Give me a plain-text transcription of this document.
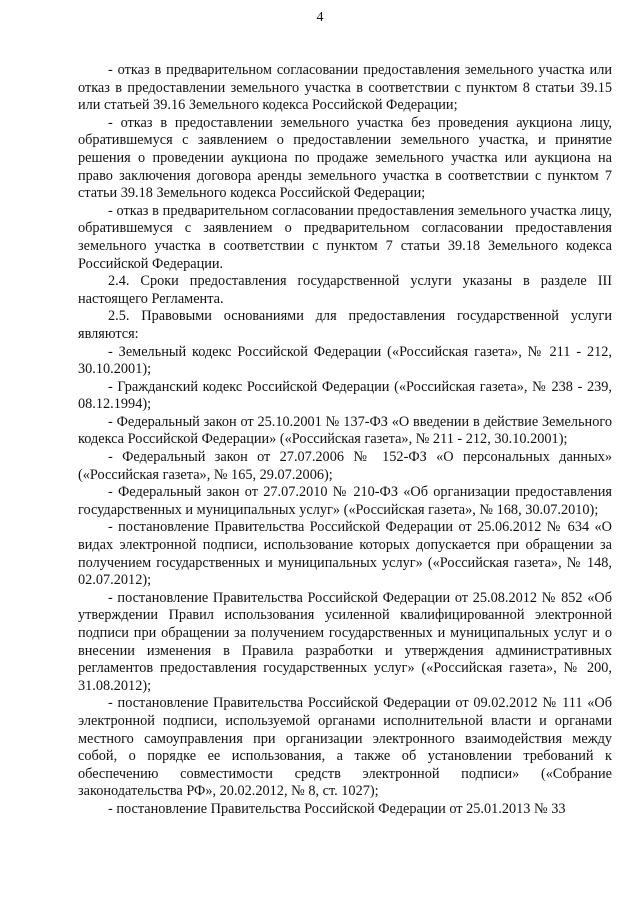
4

- отказ в предварительном согласовании предоставления земельного участка или отказ в предоставлении земельного участка в соответствии с пунктом 8 статьи 39.15 или статьей 39.16 Земельного кодекса Российской Федерации;

- отказ в предоставлении земельного участка без проведения аукциона лицу, обратившемуся с заявлением о предоставлении земельного участка, и принятие решения о проведении аукциона по продаже земельного участка или аукциона на право заключения договора аренды земельного участка в соответствии с пунктом 7 статьи 39.18 Земельного кодекса Российской Федерации;

- отказ в предварительном согласовании предоставления земельного участка лицу, обратившемуся с заявлением о предварительном согласовании предоставления земельного участка в соответствии с пунктом 7 статьи 39.18 Земельного кодекса Российской Федерации.

2.4. Сроки предоставления государственной услуги указаны в разделе III настоящего Регламента.

2.5. Правовыми основаниями для предоставления государственной услуги являются:

- Земельный кодекс Российской Федерации («Российская газета», № 211 - 212, 30.10.2001);

- Гражданский кодекс Российской Федерации («Российская газета», № 238 - 239, 08.12.1994);

- Федеральный закон от 25.10.2001 № 137-ФЗ «О введении в действие Земельного кодекса Российской Федерации» («Российская газета», № 211 - 212, 30.10.2001);

- Федеральный закон от 27.07.2006 № 152-ФЗ «О персональных данных» («Российская газета», № 165, 29.07.2006);

- Федеральный закон от 27.07.2010 № 210-ФЗ «Об организации предоставления государственных и муниципальных услуг» («Российская газета», № 168, 30.07.2010);

- постановление Правительства Российской Федерации от 25.06.2012 № 634 «О видах электронной подписи, использование которых допускается при обращении за получением государственных и муниципальных услуг» («Российская газета», № 148, 02.07.2012);

- постановление Правительства Российской Федерации от 25.08.2012 № 852 «Об утверждении Правил использования усиленной квалифицированной электронной подписи при обращении за получением государственных и муниципальных услуг и о внесении изменения в Правила разработки и утверждения административных регламентов предоставления государственных услуг» («Российская газета», № 200, 31.08.2012);

- постановление Правительства Российской Федерации от 09.02.2012 № 111 «Об электронной подписи, используемой органами исполнительной власти и органами местного самоуправления при организации электронного взаимодействия между собой, о порядке ее использования, а также об установлении требований к обеспечению совместимости средств электронной подписи» («Собрание законодательства РФ», 20.02.2012, № 8, ст. 1027);

- постановление Правительства Российской Федерации от 25.01.2013 № 33
